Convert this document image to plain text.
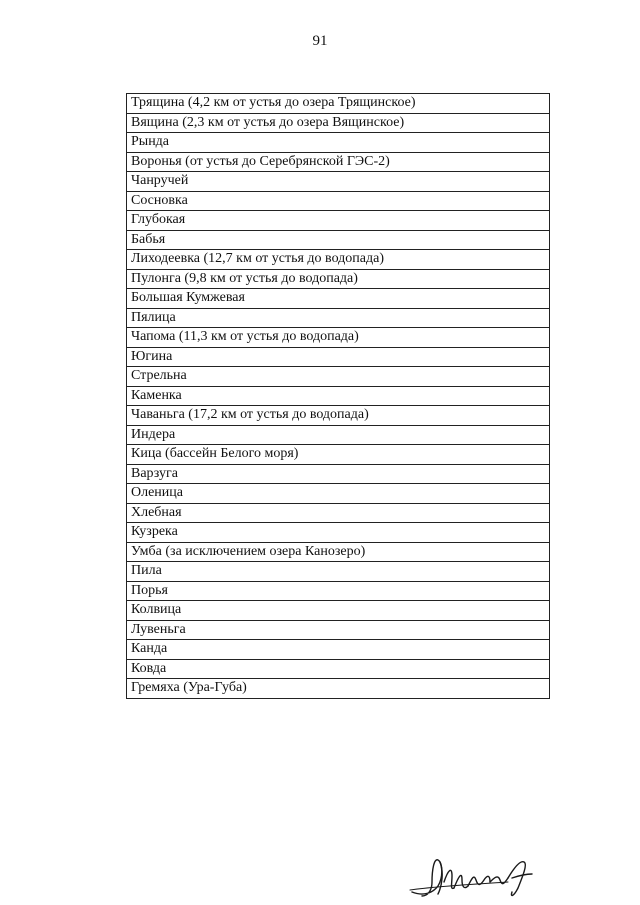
91
Трящина (4,2 км от устья до озера Трящинское)
Вящина (2,3 км от устья до озера Вящинское)
Рында
Воронья (от устья до Серебрянской ГЭС-2)
Чанручей
Сосновка
Глубокая
Бабья
Лиходеевка (12,7 км от устья до водопада)
Пулонга (9,8 км от устья до водопада)
Большая Кумжевая
Пялица
Чапома (11,3 км от устья до водопада)
Югина
Стрельна
Каменка
Чаваньга (17,2 км от устья до водопада)
Индера
Кица (бассейн Белого моря)
Варзуга
Оленица
Хлебная
Кузрека
Умба (за исключением озера Канозеро)
Пила
Порья
Колвица
Лувеньга
Канда
Ковда
Гремяха (Ура-Губа)
